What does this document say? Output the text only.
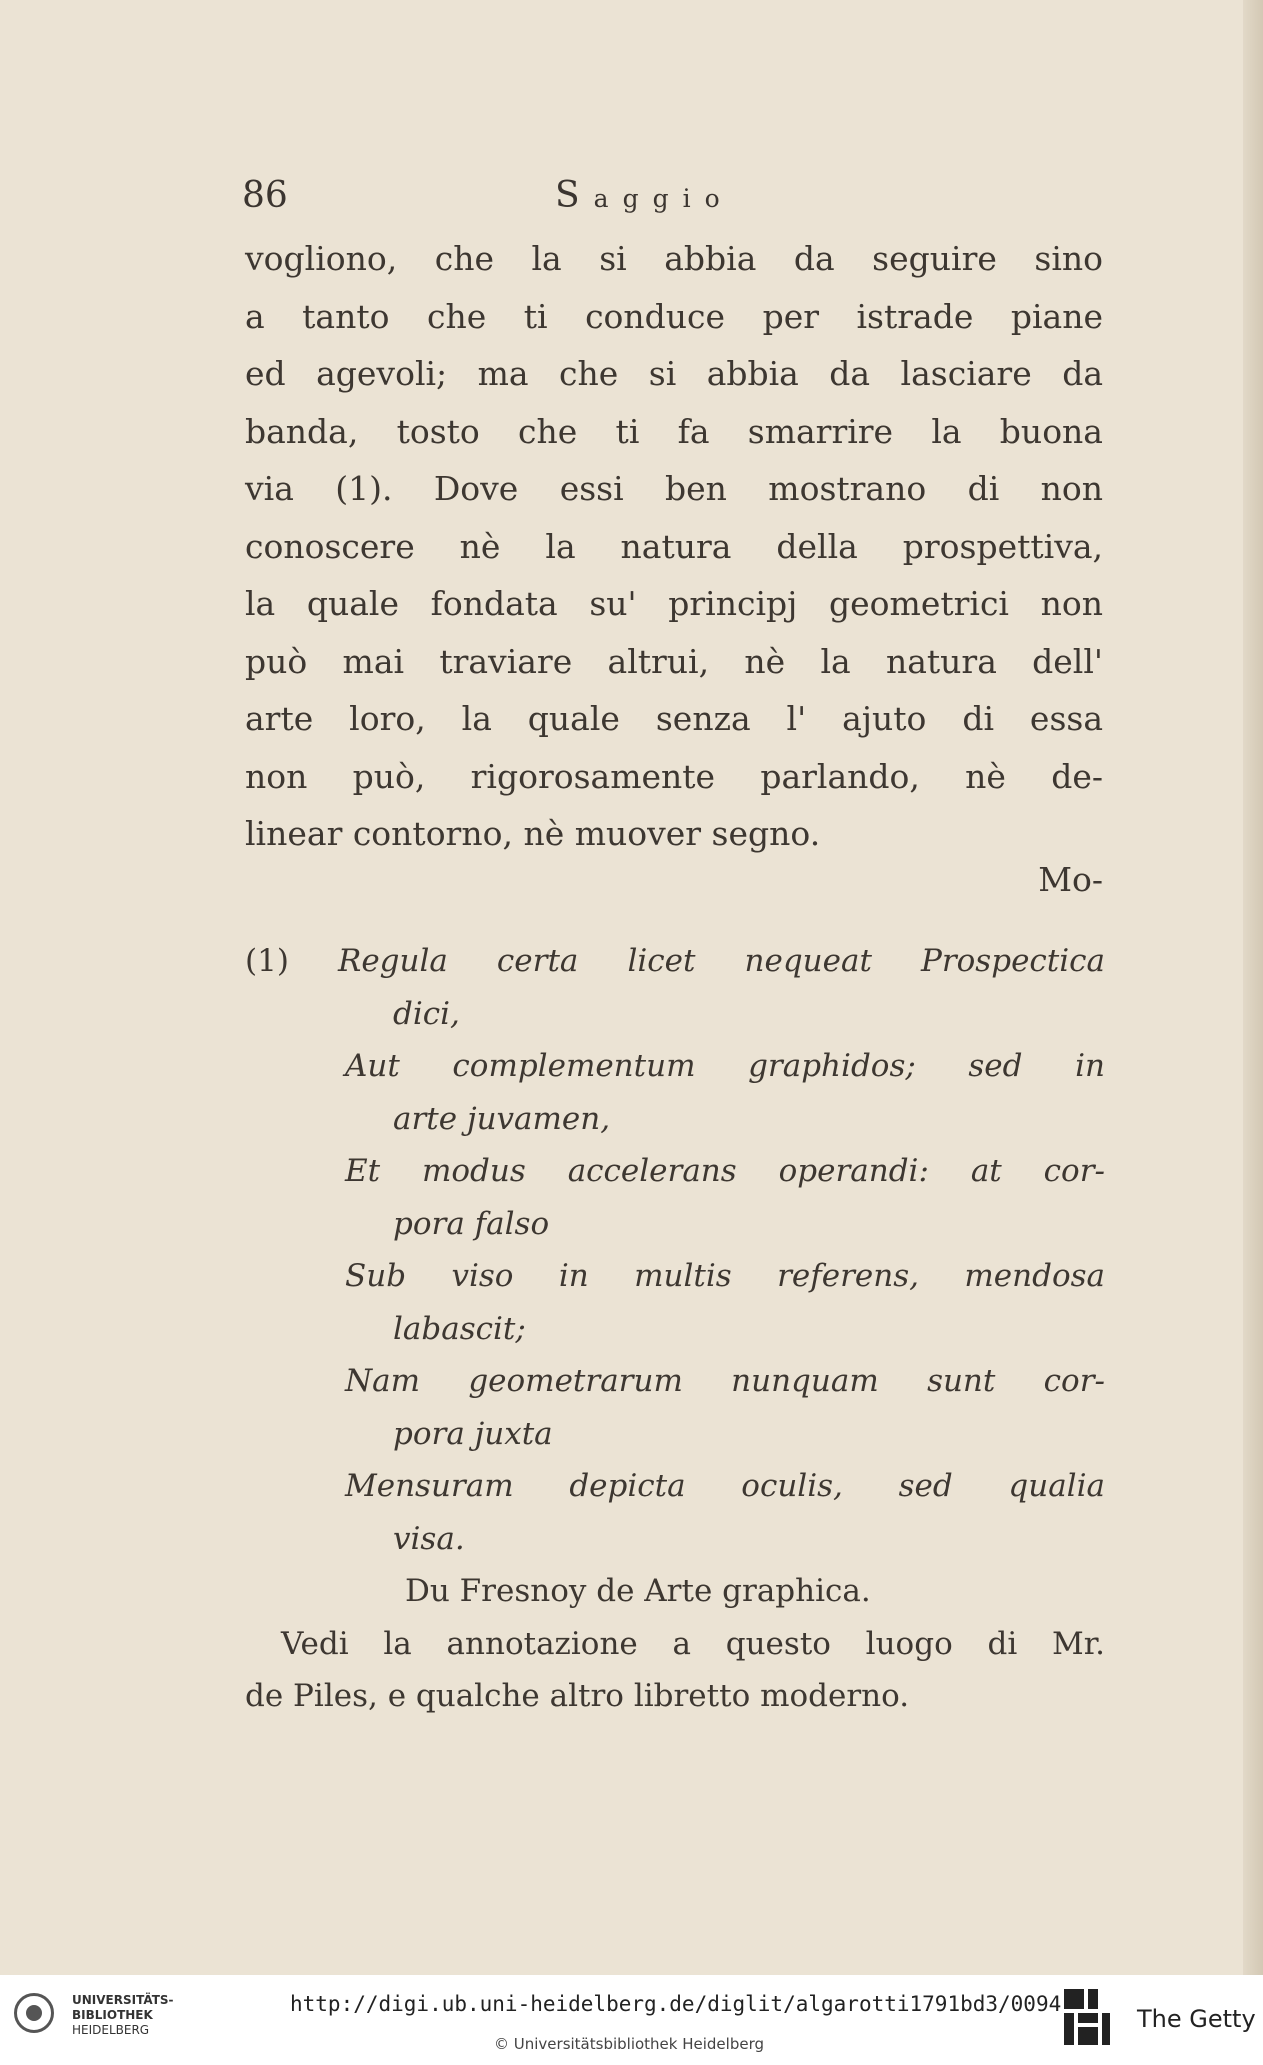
86	Saggio
vogliono, che la si abbia da seguire sino
a tanto che ti conduce per istrade piane
ed agevoli; ma che si abbia da lasciare da
banda, tosto che ti fa smarrire la buona
via (1). Dove essi ben mostrano di non
conoscere nè la natura della prospettiva,
la quale fondata su' principj geometrici non
può mai traviare altrui, nè la natura dell'
arte loro, la quale senza l' ajuto di essa
non può, rigorosamente parlando, nè de-
linear contorno, nè muover segno.
Mo-
(1) Regula certa licet nequeat Prospectica
dici,
Aut complementum graphidos; sed in
arte juvamen,
Et modus accelerans operandi: at cor-
pora falso
Sub viso in multis referens, mendosa
labascit;
Nam geometrarum nunquam sunt cor-
pora juxta
Mensuram depicta oculis, sed qualia
visa.
Du Fresnoy de Arte graphica.
Vedi la annotazione a questo luogo di Mr.
de Piles, e qualche altro libretto moderno.
UNIVERSITÄTS-
BIBLIOTHEK
HEIDELBERG
http://digi.ub.uni-heidelberg.de/diglit/algarotti1791bd3/0094
© Universitätsbibliothek Heidelberg
The Getty
